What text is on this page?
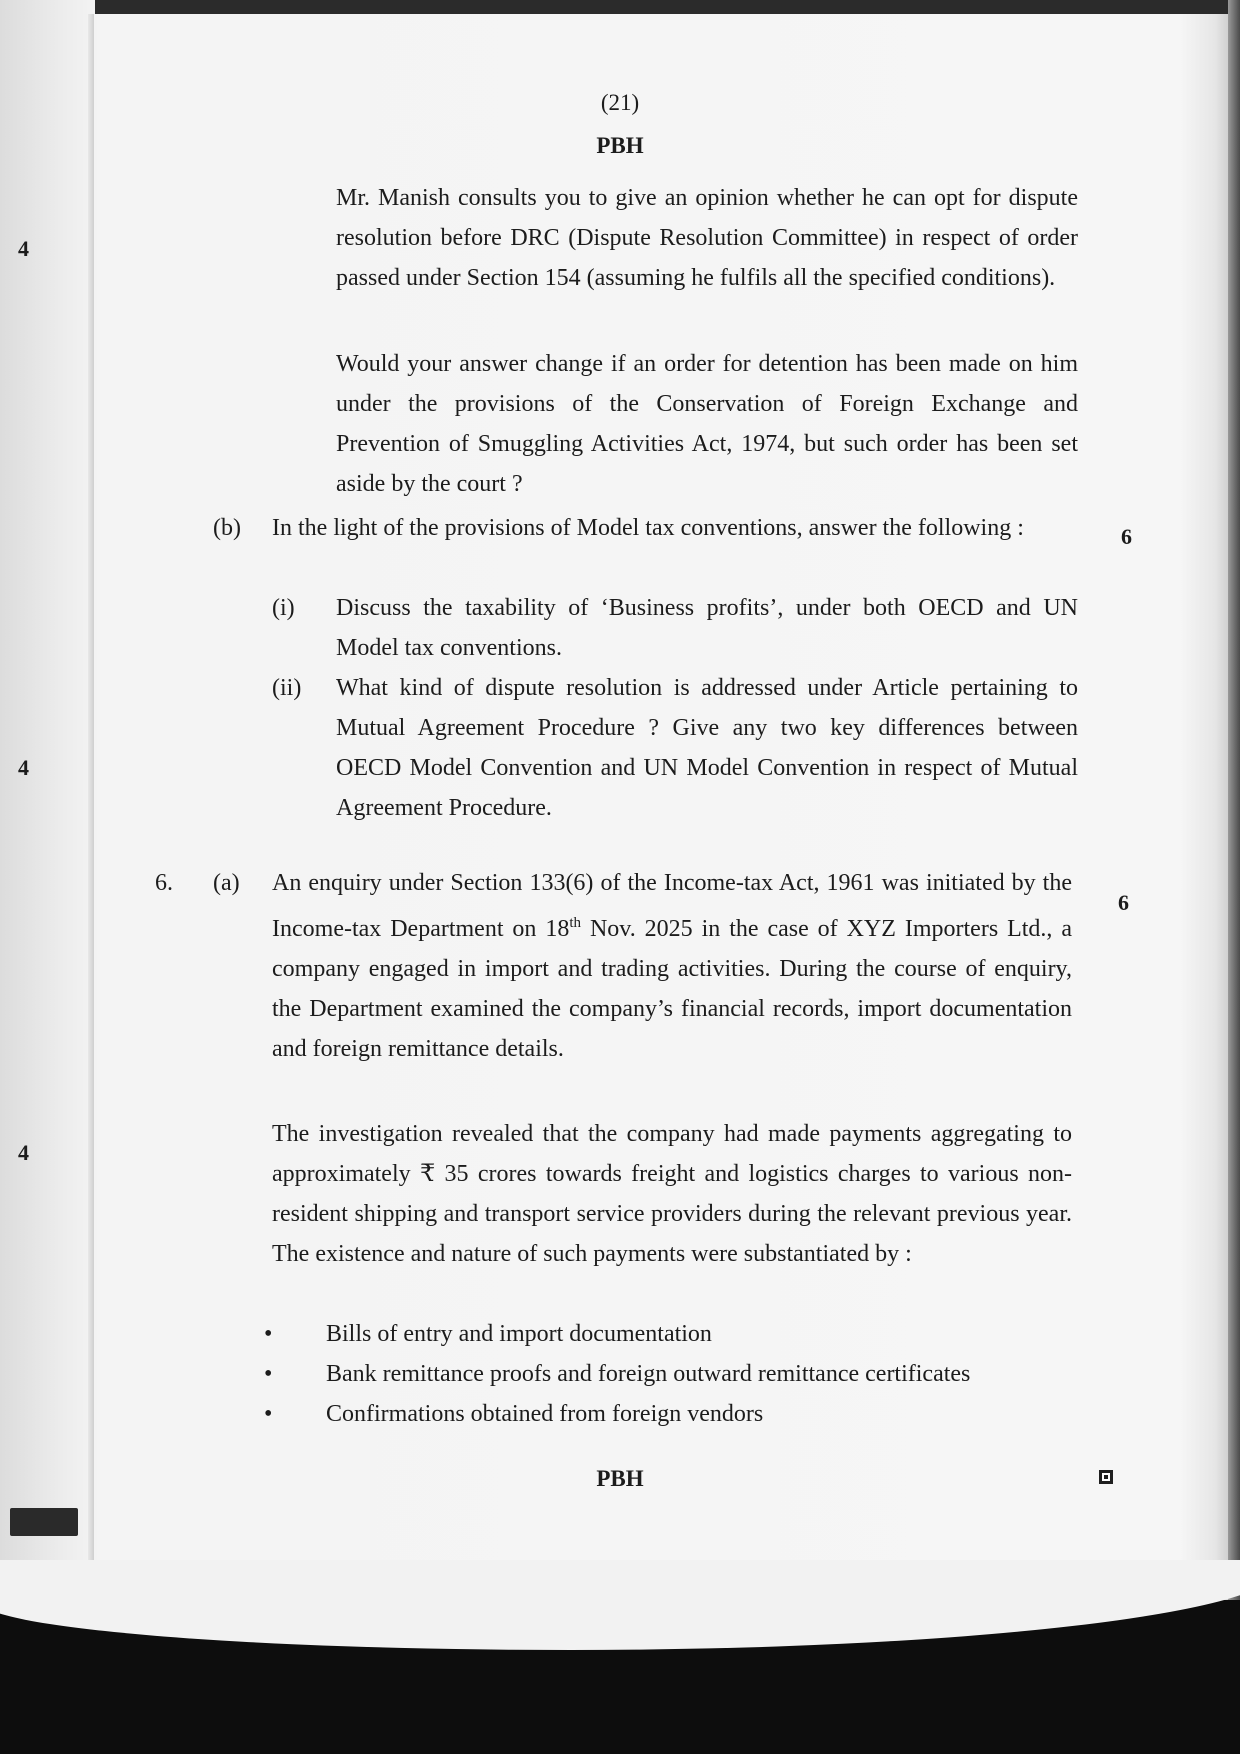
(21)
PBH
4
4
4
Mr. Manish consults you to give an opinion whether he can opt for dispute resolution before DRC (Dispute Resolution Committee) in respect of order passed under Section 154 (assuming he fulfils all the specified conditions).
Would your answer change if an order for detention has been made on him under the provisions of the Conservation of Foreign Exchange and Prevention of Smuggling Activities Act, 1974, but such order has been set aside by the court ?
(b) In the light of the provisions of Model tax conventions, answer the following :	6
(i) Discuss the taxability of ‘Business profits’, under both OECD and UN Model tax conventions.
(ii) What kind of dispute resolution is addressed under Article pertaining to Mutual Agreement Procedure ? Give any two key differences between OECD Model Convention and UN Model Convention in respect of Mutual Agreement Procedure.
6. (a)
6
An enquiry under Section 133(6) of the Income-tax Act, 1961 was initiated by the Income-tax Department on 18th Nov. 2025 in the case of XYZ Importers Ltd., a company engaged in import and trading activities. During the course of enquiry, the Department examined the company’s financial records, import documentation and foreign remittance details.
The investigation revealed that the company had made payments aggregating to approximately ₹ 35 crores towards freight and logistics charges to various non-resident shipping and transport service providers during the relevant previous year. The existence and nature of such payments were substantiated by :
• Bills of entry and import documentation
• Bank remittance proofs and foreign outward remittance certificates
• Confirmations obtained from foreign vendors
PBH
